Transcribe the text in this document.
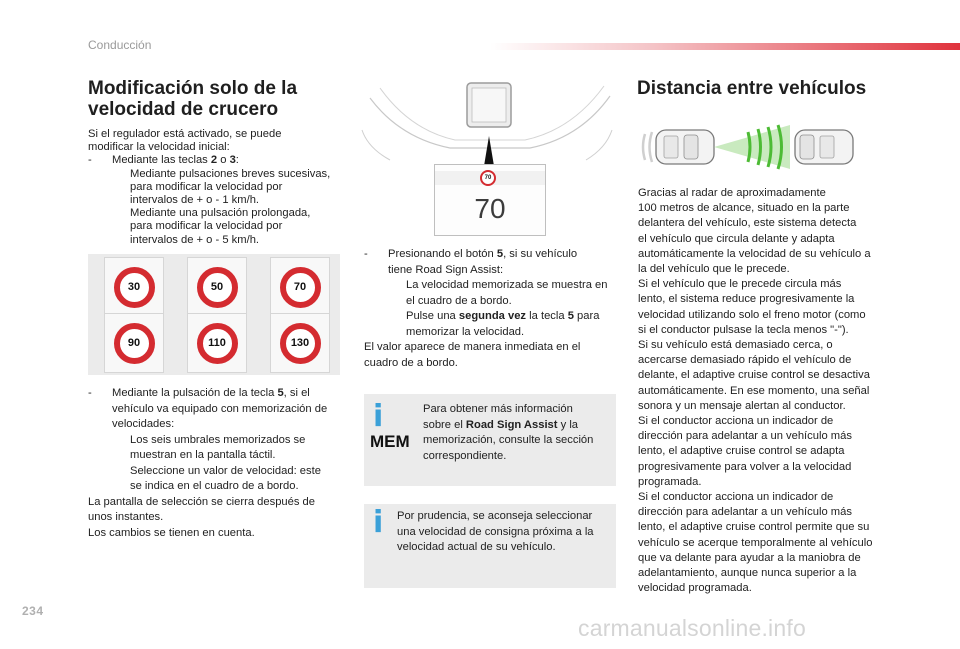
Conducción
Modificación solo de la
velocidad de crucero
Si el regulador está activado, se puede
modificar la velocidad inicial:
-	Mediante las teclas 2 o 3:
Mediante pulsaciones breves sucesivas,
para modificar la velocidad por
intervalos de + o - 1 km/h.
Mediante una pulsación prolongada,
para modificar la velocidad por
intervalos de + o - 5 km/h.
30	50	70
90	110	130
-	Mediante la pulsación de la tecla 5, si el
vehículo va equipado con memorización de
velocidades:
Los seis umbrales memorizados se
muestran en la pantalla táctil.
Seleccione un valor de velocidad: este
se indica en el cuadro de a bordo.
La pantalla de selección se cierra después de
unos instantes.
Los cambios se tienen en cuenta.
70
70
-	Presionando el botón 5, si su vehículo
tiene Road Sign Assist:
La velocidad memorizada se muestra en
el cuadro de a bordo.
Pulse una segunda vez la tecla 5 para
memorizar la velocidad.
El valor aparece de manera inmediata en el
cuadro de a bordo.
i
MEM
Para obtener más información
sobre el Road Sign Assist y la
memorización, consulte la sección
correspondiente.
i Por prudencia, se aconseja seleccionar
una velocidad de consigna próxima a la
velocidad actual de su vehículo.
Distancia entre vehículos
Gracias al radar de aproximadamente
100 metros de alcance, situado en la parte
delantera del vehículo, este sistema detecta
el vehículo que circula delante y adapta
automáticamente la velocidad de su vehículo a
la del vehículo que le precede.
Si el vehículo que le precede circula más
lento, el sistema reduce progresivamente la
velocidad utilizando solo el freno motor (como
si el conductor pulsase la tecla menos "-").
Si su vehículo está demasiado cerca, o
acercarse demasiado rápido el vehículo de
delante, el adaptive cruise control se desactiva
automáticamente. En ese momento, una señal
sonora y un mensaje alertan al conductor.
Si el conductor acciona un indicador de
dirección para adelantar a un vehículo más
lento, el adaptive cruise control se adapta
progresivamente para volver a la velocidad
programada.
Si el conductor acciona un indicador de
dirección para adelantar a un vehículo más
lento, el adaptive cruise control permite que su
vehículo se acerque temporalmente al vehículo
que va delante para ayudar a la maniobra de
adelantamiento, aunque nunca superior a la
velocidad programada.
234
carmanualsonline.info
